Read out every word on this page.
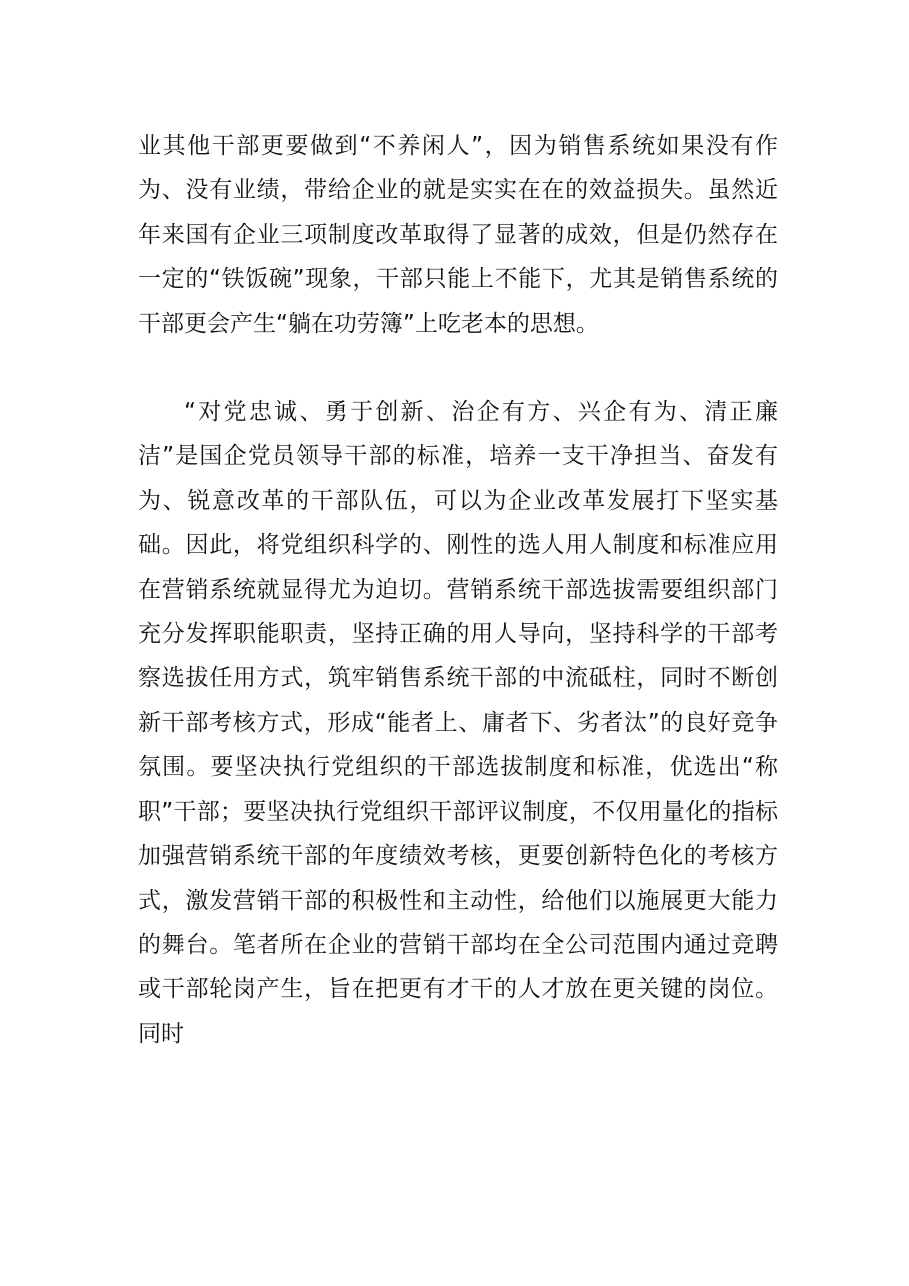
业其他干部更要做到“不养闲人”，因为销售系统如果没有作为、没有业绩，带给企业的就是实实在在的效益损失。虽然近年来国有企业三项制度改革取得了显著的成效，但是仍然存在一定的“铁饭碗”现象，干部只能上不能下，尤其是销售系统的干部更会产生“躺在功劳簿”上吃老本的思想。

“对党忠诚、勇于创新、治企有方、兴企有为、清正廉洁”是国企党员领导干部的标准，培养一支干净担当、奋发有为、锐意改革的干部队伍，可以为企业改革发展打下坚实基础。因此，将党组织科学的、刚性的选人用人制度和标准应用在营销系统就显得尤为迫切。营销系统干部选拔需要组织部门充分发挥职能职责，坚持正确的用人导向，坚持科学的干部考察选拔任用方式，筑牢销售系统干部的中流砥柱，同时不断创新干部考核方式，形成“能者上、庸者下、劣者汰”的良好竞争氛围。要坚决执行党组织的干部选拔制度和标准，优选出“称职”干部；要坚决执行党组织干部评议制度，不仅用量化的指标加强营销系统干部的年度绩效考核，更要创新特色化的考核方式，激发营销干部的积极性和主动性，给他们以施展更大能力的舞台。笔者所在企业的营销干部均在全公司范围内通过竞聘或干部轮岗产生，旨在把更有才干的人才放在更关键的岗位。同时
